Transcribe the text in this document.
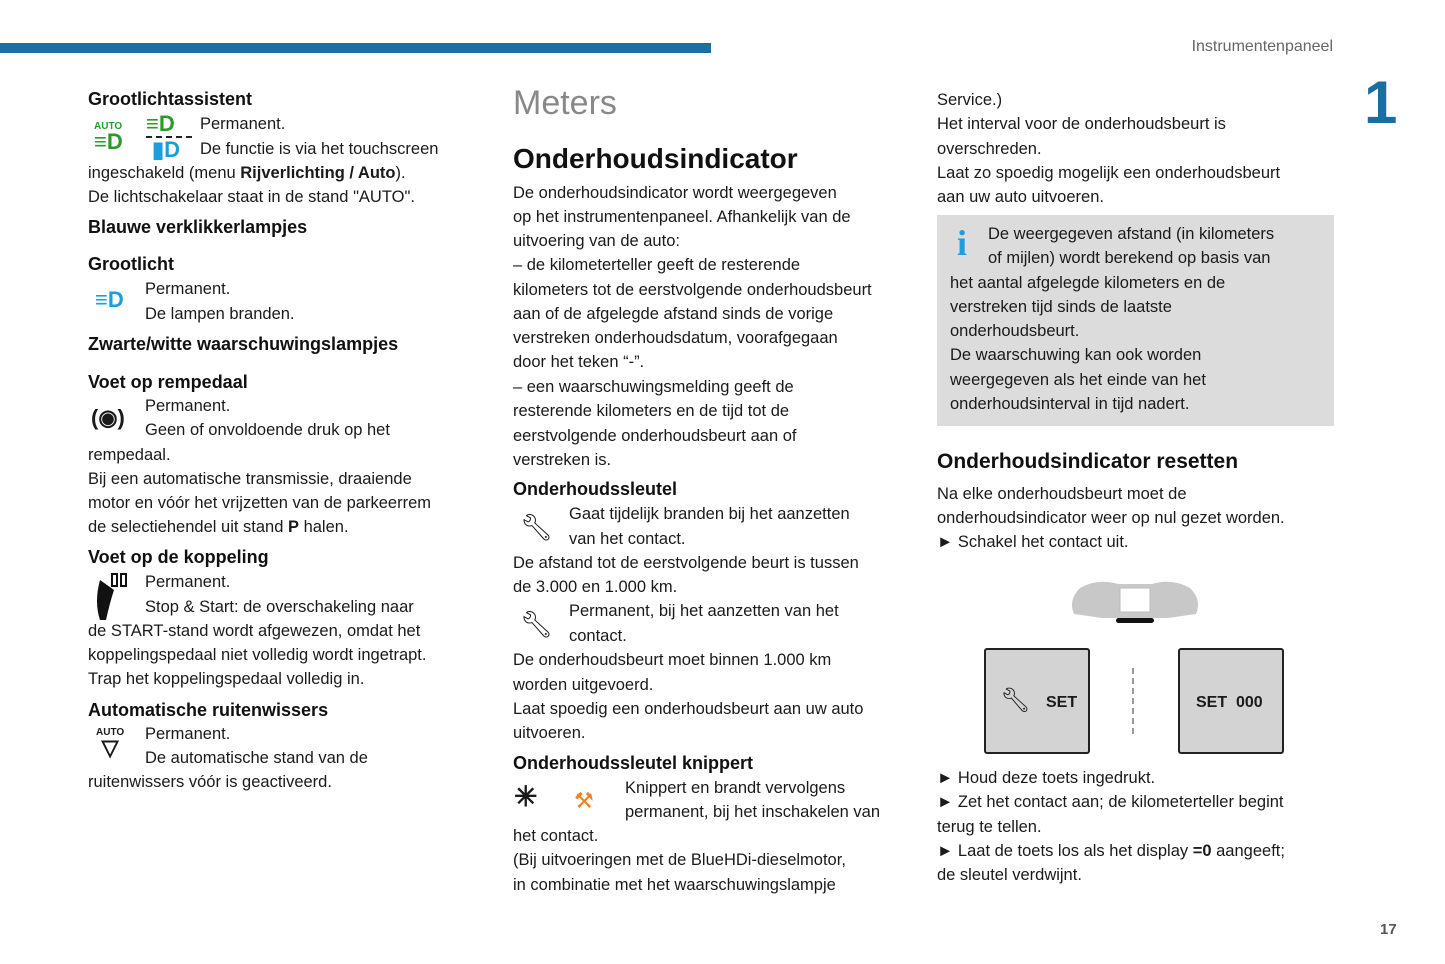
Instrumentenpaneel
1
17
Grootlichtassistent
AUTO
≡D
≡D
▮D
Permanent.
De functie is via het touchscreen
ingeschakeld (menu Rijverlichting / Auto).
De lichtschakelaar staat in de stand "AUTO".
Blauwe verklikkerlampjes
Grootlicht
≡D Permanent.
De lampen branden.
Zwarte/witte waarschuwingslampjes
Voet op rempedaal
(◉) Permanent.
Geen of onvoldoende druk op het
rempedaal.
Bij een automatische transmissie, draaiende
motor en vóór het vrijzetten van de parkeerrem
de selectiehendel uit stand P halen.
Voet op de koppeling
Permanent.
Stop & Start: de overschakeling naar
de START-stand wordt afgewezen, omdat het
koppelingspedaal niet volledig wordt ingetrapt.
Trap het koppelingspedaal volledig in.
Automatische ruitenwissers
AUTO
▽
Permanent.
De automatische stand van de
ruitenwissers vóór is geactiveerd.
Meters
Onderhoudsindicator
Onderhoudssleutel
🔧︎
🔧︎
Onderhoudssleutel knippert
✳ ⚒
i
Onderhoudsindicator resetten
🔧︎ SET	SET  000
► Laat de toets los als het display =0 aangeeft;
de sleutel verdwijnt.
De onderhoudsindicator wordt weergegeven
op het instrumentenpaneel. Afhankelijk van de
uitvoering van de auto:
– de kilometerteller geeft de resterende
kilometers tot de eerstvolgende onderhoudsbeurt
aan of de afgelegde afstand sinds de vorige
verstreken onderhoudsdatum, voorafgegaan
door het teken “-”.
– een waarschuwingsmelding geeft de
resterende kilometers en de tijd tot de
eerstvolgende onderhoudsbeurt aan of
verstreken is.
Gaat tijdelijk branden bij het aanzetten
van het contact.
De afstand tot de eerstvolgende beurt is tussen
de 3.000 en 1.000 km.
Permanent, bij het aanzetten van het
contact.
De onderhoudsbeurt moet binnen 1.000 km
worden uitgevoerd.
Laat spoedig een onderhoudsbeurt aan uw auto
uitvoeren.
Knippert en brandt vervolgens
permanent, bij het inschakelen van
het contact.
(Bij uitvoeringen met de BlueHDi-dieselmotor,
in combinatie met het waarschuwingslampje
Service.)
Het interval voor de onderhoudsbeurt is
overschreden.
Laat zo spoedig mogelijk een onderhoudsbeurt
aan uw auto uitvoeren.
De weergegeven afstand (in kilometers
of mijlen) wordt berekend op basis van
het aantal afgelegde kilometers en de
verstreken tijd sinds de laatste
onderhoudsbeurt.
De waarschuwing kan ook worden
weergegeven als het einde van het
onderhoudsinterval in tijd nadert.
Na elke onderhoudsbeurt moet de
onderhoudsindicator weer op nul gezet worden.
► Schakel het contact uit.
► Houd deze toets ingedrukt.
► Zet het contact aan; de kilometerteller begint
terug te tellen.
